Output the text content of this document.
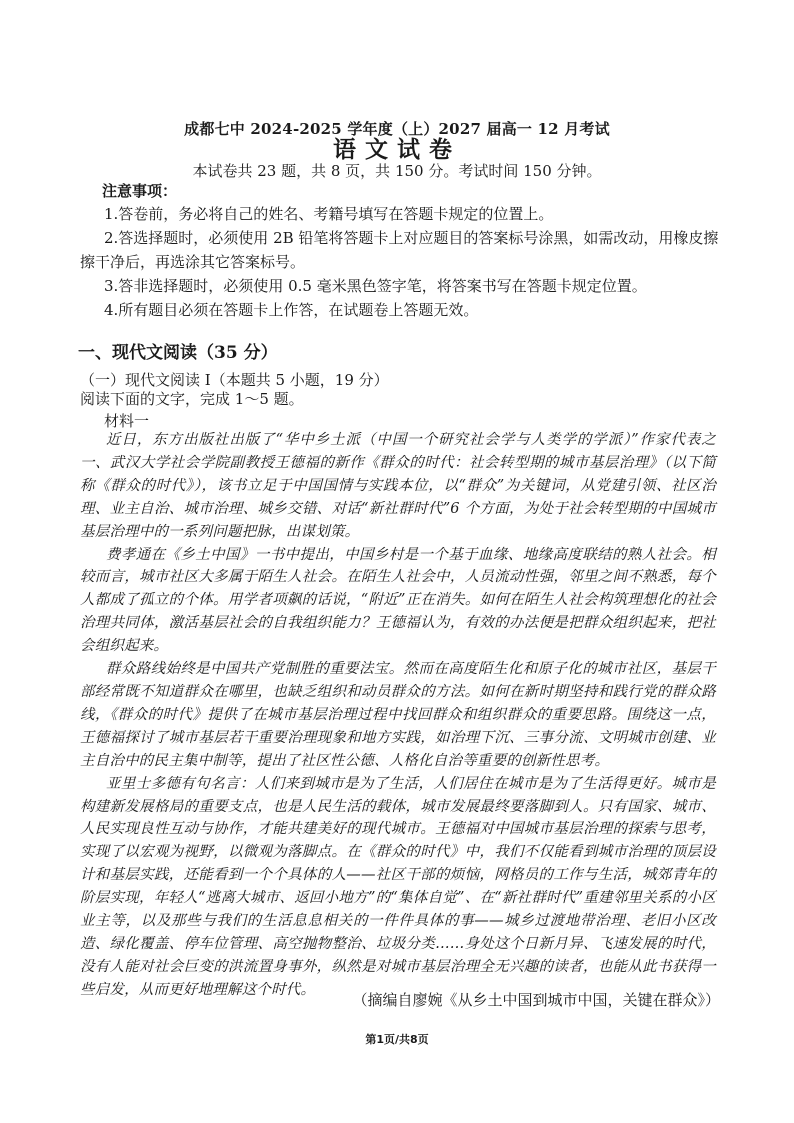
成都七中 2024-2025 学年度（上）2027 届高一 12 月考试
语文试卷
本试卷共 23 题，共 8 页，共 150 分。考试时间 150 分钟。
注意事项：

1.答卷前，务必将自己的姓名、考籍号填写在答题卡规定的位置上。

2.答选择题时，必须使用 2B 铅笔将答题卡上对应题目的答案标号涂黑，如需改动，用橡皮擦擦干净后，再选涂其它答案标号。

3.答非选择题时，必须使用 0.5 毫米黑色签字笔，将答案书写在答题卡规定位置。

4.所有题目必须在答题卡上作答，在试题卷上答题无效。

一、现代文阅读（35 分）
（一）现代文阅读 I（本题共 5 小题，19 分）
阅读下面的文字，完成 1～5 题。
材料一

近日，东方出版社出版了“华中乡土派（中国一个研究社会学与人类学的学派）”作家代表之一、武汉大学社会学院副教授王德福的新作《群众的时代：社会转型期的城市基层治理》（以下简称《群众的时代》），该书立足于中国国情与实践本位，以“群众”为关键词，从党建引领、社区治理、业主自治、城市治理、城乡交错、对话“新社群时代”6 个方面，为处于社会转型期的中国城市基层治理中的一系列问题把脉，出谋划策。

费孝通在《乡土中国》一书中提出，中国乡村是一个基于血缘、地缘高度联结的熟人社会。相较而言，城市社区大多属于陌生人社会。在陌生人社会中，人员流动性强，邻里之间不熟悉，每个人都成了孤立的个体。用学者项飙的话说，“附近”正在消失。如何在陌生人社会构筑理想化的社会治理共同体，激活基层社会的自我组织能力？王德福认为，有效的办法便是把群众组织起来，把社会组织起来。

群众路线始终是中国共产党制胜的重要法宝。然而在高度陌生化和原子化的城市社区，基层干部经常既不知道群众在哪里，也缺乏组织和动员群众的方法。如何在新时期坚持和践行党的群众路线，《群众的时代》提供了在城市基层治理过程中找回群众和组织群众的重要思路。围绕这一点，王德福探讨了城市基层若干重要治理现象和地方实践，如治理下沉、三事分流、文明城市创建、业主自治中的民主集中制等，提出了社区性公德、人格化自治等重要的创新性思考。

亚里士多德有句名言：人们来到城市是为了生活，人们居住在城市是为了生活得更好。城市是构建新发展格局的重要支点，也是人民生活的载体，城市发展最终要落脚到人。只有国家、城市、人民实现良性互动与协作，才能共建美好的现代城市。王德福对中国城市基层治理的探索与思考，实现了以宏观为视野，以微观为落脚点。在《群众的时代》中，我们不仅能看到城市治理的顶层设计和基层实践，还能看到一个个具体的人——社区干部的烦恼，网格员的工作与生活，城郊青年的阶层实现，年轻人“逃离大城市、返回小地方”的“集体自觉”、在“新社群时代”重建邻里关系的小区业主等，以及那些与我们的生活息息相关的一件件具体的事——城乡过渡地带治理、老旧小区改造、绿化覆盖、停车位管理、高空抛物整治、垃圾分类……身处这个日新月异、飞速发展的时代，没有人能对社会巨变的洪流置身事外，纵然是对城市基层治理全无兴趣的读者，也能从此书获得一些启发，从而更好地理解这个时代。

（摘编自廖婉《从乡土中国到城市中国，关键在群众》）
第1页/共8页
